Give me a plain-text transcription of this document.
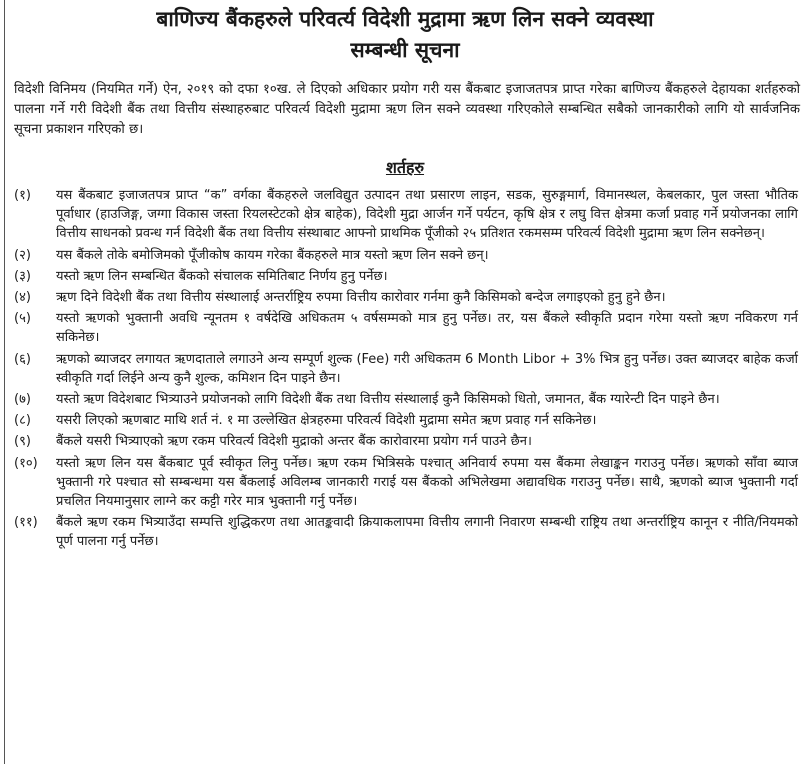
बाणिज्य बैंकहरुले परिवर्त्य विदेशी मुद्रामा ऋण लिन सक्ने व्यवस्था
सम्बन्धी सूचना

विदेशी विनिमय (नियमित गर्ने) ऐन, २०१९ को दफा १०ख. ले दिएको अधिकार प्रयोग गरी यस बैंकबाट इजाजतपत्र प्राप्त गरेका बाणिज्य बैंकहरुले देहायका शर्तहरुको पालना गर्ने गरी विदेशी बैंक तथा वित्तीय संस्थाहरुबाट परिवर्त्य विदेशी मुद्रामा ऋण लिन सक्ने व्यवस्था गरिएकोले सम्बन्धित सबैको जानकारीको लागि यो सार्वजनिक सूचना प्रकाशन गरिएको छ।

शर्तहरु
(१)	यस बैंकबाट इजाजतपत्र प्राप्त “क” वर्गका बैंकहरुले जलविद्युत उत्पादन तथा प्रसारण लाइन, सडक, सुरुङ्गमार्ग, विमानस्थल, केबलकार, पुल जस्ता भौतिक पूर्वाधार (हाउजिङ्ग, जग्गा विकास जस्ता रियलस्टेटको क्षेत्र बाहेक), विदेशी मुद्रा आर्जन गर्ने पर्यटन, कृषि क्षेत्र र लघु वित्त क्षेत्रमा कर्जा प्रवाह गर्ने प्रयोजनका लागि वित्तीय साधनको प्रवन्ध गर्न विदेशी बैंक तथा वित्तीय संस्थाबाट आफ्नो प्राथमिक पूँजीको २५ प्रतिशत रकमसम्म परिवर्त्य विदेशी मुद्रामा ऋण लिन सक्नेछन्।
(२)	यस बैंकले तोके बमोजिमको पूँजीकोष कायम गरेका बैंकहरुले मात्र यस्तो ऋण लिन सक्ने छन्।
(३)	यस्तो ऋण लिन सम्बन्धित बैंकको संचालक समितिबाट निर्णय हुनु पर्नेछ।
(४)	ऋण दिने विदेशी बैंक तथा वित्तीय संस्थालाई अन्तर्राष्ट्रिय रुपमा वित्तीय कारोवार गर्नमा कुनै किसिमको बन्देज लगाइएको हुनु हुने छैन।
(५)	यस्तो ऋणको भुक्तानी अवधि न्यूनतम १ वर्षदेखि अधिकतम ५ वर्षसम्मको मात्र हुनु पर्नेछ। तर, यस बैंकले स्वीकृति प्रदान गरेमा यस्तो ऋण नविकरण गर्न सकिनेछ।
(६)	ऋणको ब्याजदर लगायत ऋणदाताले लगाउने अन्य सम्पूर्ण शुल्क (Fee) गरी अधिकतम 6 Month Libor + 3% भित्र हुनु पर्नेछ। उक्त ब्याजदर बाहेक कर्जा स्वीकृति गर्दा लिईने अन्य कुनै शुल्क, कमिशन दिन पाइने छैन।
(७)	यस्तो ऋण विदेशबाट भित्र्याउने प्रयोजनको लागि विदेशी बैंक तथा वित्तीय संस्थालाई कुनै किसिमको धितो, जमानत, बैंक ग्यारेन्टी दिन पाइने छैन।
(८)	यसरी लिएको ऋणबाट माथि शर्त नं. १ मा उल्लेखित क्षेत्रहरुमा परिवर्त्य विदेशी मुद्रामा समेत ऋण प्रवाह गर्न सकिनेछ।
(९)	बैंकले यसरी भित्र्याएको ऋण रकम परिवर्त्य विदेशी मुद्राको अन्तर बैंक कारोवारमा प्रयोग गर्न पाउने छैन।
(१०)	यस्तो ऋण लिन यस बैंकबाट पूर्व स्वीकृत लिनु पर्नेछ। ऋण रकम भित्रिसके पश्चात् अनिवार्य रुपमा यस बैंकमा लेखाङ्कन गराउनु पर्नेछ। ऋणको साँवा ब्याज भुक्तानी गरे पश्चात सो सम्बन्धमा यस बैंकलाई अविलम्ब जानकारी गराई यस बैंकको अभिलेखमा अद्यावधिक गराउनु पर्नेछ। साथै, ऋणको ब्याज भुक्तानी गर्दा प्रचलित नियमानुसार लाग्ने कर कट्टी गरेर मात्र भुक्तानी गर्नु पर्नेछ।
(११)	बैंकले ऋण रकम भित्र्याउँदा सम्पत्ति शुद्धिकरण तथा आतङ्कवादी क्रियाकलापमा वित्तीय लगानी निवारण सम्बन्धी राष्ट्रिय तथा अन्तर्राष्ट्रिय कानून र नीति/नियमको पूर्ण पालना गर्नु पर्नेछ।
